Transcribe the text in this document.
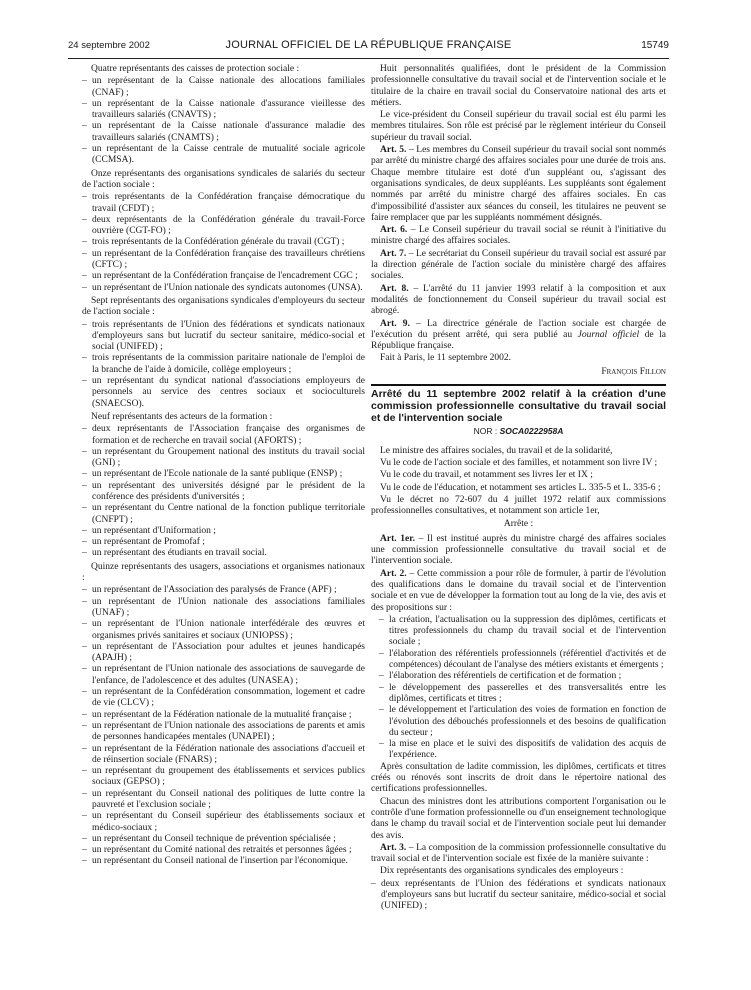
24 septembre 2002	JOURNAL OFFICIEL DE LA RÉPUBLIQUE FRANÇAISE	15749

Quatre représentants des caisses de protection sociale :

– un représentant de la Caisse nationale des allocations familiales (CNAF) ;
– un représentant de la Caisse nationale d'assurance vieillesse des travailleurs salariés (CNAVTS) ;
– un représentant de la Caisse nationale d'assurance maladie des travailleurs salariés (CNAMTS) ;
– un représentant de la Caisse centrale de mutualité sociale agricole (CCMSA).

Onze représentants des organisations syndicales de salariés du secteur de l'action sociale :

– trois représentants de la Confédération française démocratique du travail (CFDT) ;
– deux représentants de la Confédération générale du travail-Force ouvrière (CGT-FO) ;
– trois représentants de la Confédération générale du travail (CGT) ;
– un représentant de la Confédération française des travailleurs chrétiens (CFTC) ;
– un représentant de la Confédération française de l'encadrement CGC ;
– un représentant de l'Union nationale des syndicats autonomes (UNSA).

Sept représentants des organisations syndicales d'employeurs du secteur de l'action sociale :

– trois représentants de l'Union des fédérations et syndicats nationaux d'employeurs sans but lucratif du secteur sanitaire, médico-social et social (UNIFED) ;
– trois représentants de la commission paritaire nationale de l'emploi de la branche de l'aide à domicile, collège employeurs ;
– un représentant du syndicat national d'associations employeurs de personnels au service des centres sociaux et socioculturels (SNAECSO).

Neuf représentants des acteurs de la formation :

– deux représentants de l'Association française des organismes de formation et de recherche en travail social (AFORTS) ;
– un représentant du Groupement national des instituts du travail social (GNI) ;
– un représentant de l'Ecole nationale de la santé publique (ENSP) ;
– un représentant des universités désigné par le président de la conférence des présidents d'universités ;
– un représentant du Centre national de la fonction publique territoriale (CNFPT) ;
– un représentant d'Uniformation ;
– un représentant de Promofaf ;
– un représentant des étudiants en travail social.

Quinze représentants des usagers, associations et organismes nationaux :

– un représentant de l'Association des paralysés de France (APF) ;
– un représentant de l'Union nationale des associations familiales (UNAF) ;
– un représentant de l'Union nationale interfédérale des œuvres et organismes privés sanitaires et sociaux (UNIOPSS) ;
– un représentant de l'Association pour adultes et jeunes handicapés (APAJH) ;
– un représentant de l'Union nationale des associations de sauvegarde de l'enfance, de l'adolescence et des adultes (UNASEA) ;
– un représentant de la Confédération consommation, logement et cadre de vie (CLCV) ;
– un représentant de la Fédération nationale de la mutualité française ;
– un représentant de l'Union nationale des associations de parents et amis de personnes handicapées mentales (UNAPEI) ;
– un représentant de la Fédération nationale des associations d'accueil et de réinsertion sociale (FNARS) ;
– un représentant du groupement des établissements et services publics sociaux (GEPSO) ;
– un représentant du Conseil national des politiques de lutte contre la pauvreté et l'exclusion sociale ;
– un représentant du Conseil supérieur des établissements sociaux et médico-sociaux ;
– un représentant du Conseil technique de prévention spécialisée ;
– un représentant du Comité national des retraités et personnes âgées ;
– un représentant du Conseil national de l'insertion par l'économique.

Huit personnalités qualifiées, dont le président de la Commission professionnelle consultative du travail social et de l'intervention sociale et le titulaire de la chaire en travail social du Conservatoire national des arts et métiers.

Le vice-président du Conseil supérieur du travail social est élu parmi les membres titulaires. Son rôle est précisé par le règlement intérieur du Conseil supérieur du travail social.

Art. 5. – Les membres du Conseil supérieur du travail social sont nommés par arrêté du ministre chargé des affaires sociales pour une durée de trois ans. Chaque membre titulaire est doté d'un suppléant ou, s'agissant des organisations syndicales, de deux suppléants. Les suppléants sont également nommés par arrêté du ministre chargé des affaires sociales. En cas d'impossibilité d'assister aux séances du conseil, les titulaires ne peuvent se faire remplacer que par les suppléants nommément désignés.

Art. 6. – Le Conseil supérieur du travail social se réunit à l'initiative du ministre chargé des affaires sociales.

Art. 7. – Le secrétariat du Conseil supérieur du travail social est assuré par la direction générale de l'action sociale du ministère chargé des affaires sociales.

Art. 8. – L'arrêté du 11 janvier 1993 relatif à la composition et aux modalités de fonctionnement du Conseil supérieur du travail social est abrogé.

Art. 9. – La directrice générale de l'action sociale est chargée de l'exécution du présent arrêté, qui sera publié au Journal officiel de la République française.

Fait à Paris, le 11 septembre 2002.

François Fillon
Arrêté du 11 septembre 2002 relatif à la création d'une commission professionnelle consultative du travail social et de l'intervention sociale
NOR : SOCA0222958A

Le ministre des affaires sociales, du travail et de la solidarité,

Vu le code de l'action sociale et des familles, et notamment son livre IV ;

Vu le code du travail, et notamment ses livres Ier et IX ;

Vu le code de l'éducation, et notamment ses articles L. 335-5 et L. 335-6 ;

Vu le décret no 72-607 du 4 juillet 1972 relatif aux commissions professionnelles consultatives, et notamment son article 1er,

Arrête :

Art. 1er. – Il est institué auprès du ministre chargé des affaires sociales une commission professionnelle consultative du travail social et de l'intervention sociale.

Art. 2. – Cette commission a pour rôle de formuler, à partir de l'évolution des qualifications dans le domaine du travail social et de l'intervention sociale et en vue de développer la formation tout au long de la vie, des avis et des propositions sur :

– la création, l'actualisation ou la suppression des diplômes, certificats et titres professionnels du champ du travail social et de l'intervention sociale ;
– l'élaboration des référentiels professionnels (référentiel d'activités et de compétences) découlant de l'analyse des métiers existants et émergents ;
– l'élaboration des référentiels de certification et de formation ;
– le développement des passerelles et des transversalités entre les diplômes, certificats et titres ;
– le développement et l'articulation des voies de formation en fonction de l'évolution des débouchés professionnels et des besoins de qualification du secteur ;
– la mise en place et le suivi des dispositifs de validation des acquis de l'expérience.

Après consultation de ladite commission, les diplômes, certificats et titres créés ou rénovés sont inscrits de droit dans le répertoire national des certifications professionnelles.

Chacun des ministres dont les attributions comportent l'organisation ou le contrôle d'une formation professionnelle ou d'un enseignement technologique dans le champ du travail social et de l'intervention sociale peut lui demander des avis.

Art. 3. – La composition de la commission professionnelle consultative du travail social et de l'intervention sociale est fixée de la manière suivante :

Dix représentants des organisations syndicales des employeurs :

– deux représentants de l'Union des fédérations et syndicats nationaux d'employeurs sans but lucratif du secteur sanitaire, médico-social et social (UNIFED) ;
